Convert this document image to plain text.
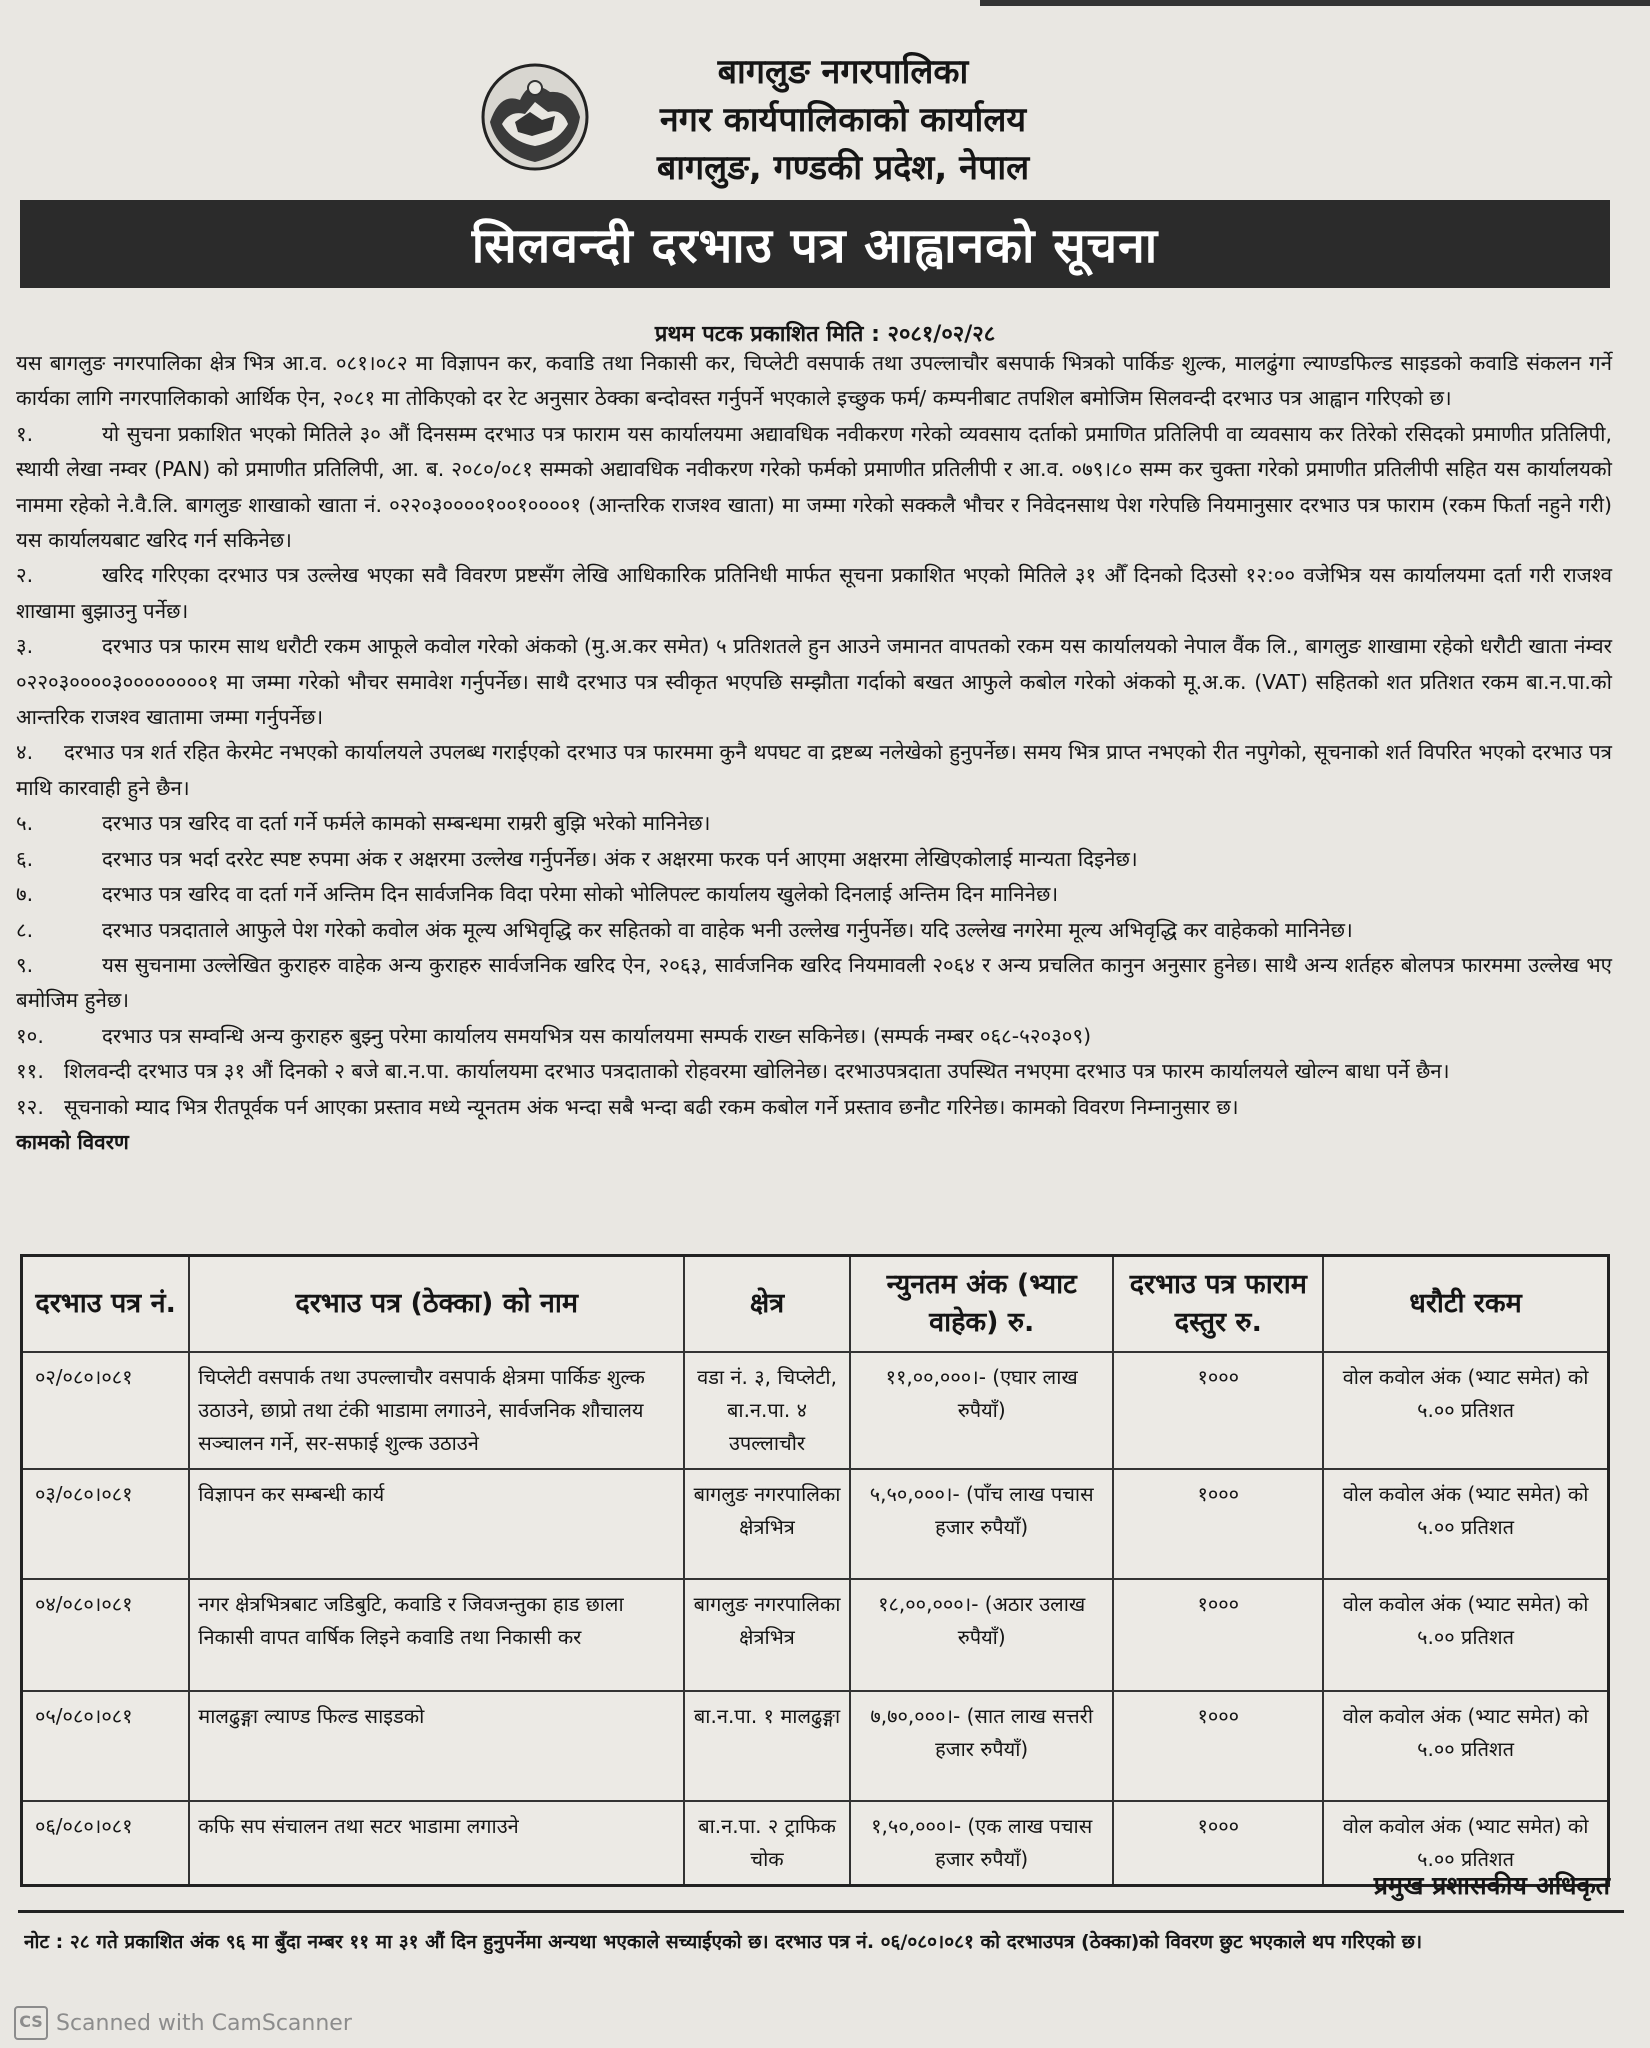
बागलुङ नगरपालिका
नगर कार्यपालिकाको कार्यालय
बागलुङ, गण्डकी प्रदेश, नेपाल
सिलवन्दी दरभाउ पत्र आह्वानको सूचना
प्रथम पटक प्रकाशित मिति : २०८१/०२/२८

यस बागलुङ नगरपालिका क्षेत्र भित्र आ.व. ०८१।०८२ मा विज्ञापन कर, कवाडि तथा निकासी कर, चिप्लेटी वसपार्क तथा उपल्लाचौर बसपार्क भित्रको पार्किङ शुल्क, मालढुंगा ल्याण्डफिल्ड साइडको कवाडि संकलन गर्ने कार्यका लागि नगरपालिकाको आर्थिक ऐन, २०८१ मा तोकिएको दर रेट अनुसार ठेक्का बन्दोवस्त गर्नुपर्ने भएकाले इच्छुक फर्म/ कम्पनीबाट तपशिल बमोजिम सिलवन्दी दरभाउ पत्र आह्वान गरिएको छ।

१.	यो सुचना प्रकाशित भएको मितिले ३० औं दिनसम्म दरभाउ पत्र फाराम यस कार्यालयमा अद्यावधिक नवीकरण गरेको व्यवसाय दर्ताको प्रमाणित प्रतिलिपी वा व्यवसाय कर तिरेको रसिदको प्रमाणीत प्रतिलिपी, स्थायी लेखा नम्वर (PAN) को प्रमाणीत प्रतिलिपी, आ. ब. २०८०/०८१ सम्मको अद्यावधिक नवीकरण गरेको फर्मको प्रमाणीत प्रतिलीपी र आ.व. ०७९।८० सम्म कर चुक्ता गरेको प्रमाणीत प्रतिलीपी सहित यस कार्यालयको नाममा रहेको ने.वै.लि. बागलुङ शाखाको खाता नं. ०२२०३००००१००१००००१ (आन्तरिक राजश्व खाता) मा जम्मा गरेको सक्कलै भौचर र निवेदनसाथ पेश गरेपछि नियमानुसार दरभाउ पत्र फाराम (रकम फिर्ता नहुने गरी) यस कार्यालयबाट खरिद गर्न सकिनेछ।

२.	खरिद गरिएका दरभाउ पत्र उल्लेख भएका सवै विवरण प्रष्टसँग लेखि आधिकारिक प्रतिनिधी मार्फत सूचना प्रकाशित भएको मितिले ३१ औँ दिनको दिउसो १२:०० वजेभित्र यस कार्यालयमा दर्ता गरी राजश्व शाखामा बुझाउनु पर्नेछ।

३.	दरभाउ पत्र फारम साथ धरौटी रकम आफूले कवोल गरेको अंकको (मु.अ.कर समेत) ५ प्रतिशतले हुन आउने जमानत वापतको रकम यस कार्यालयको नेपाल वैंक लि., बागलुङ शाखामा रहेको धरौटी खाता नंम्वर ०२२०३००००३००००००००१ मा जम्मा गरेको भौचर समावेश गर्नुपर्नेछ। साथै दरभाउ पत्र स्वीकृत भएपछि सम्झौता गर्दाको बखत आफुले कबोल गरेको अंकको मू.अ.क. (VAT) सहितको शत प्रतिशत रकम बा.न.पा.को आन्तरिक राजश्व खातामा जम्मा गर्नुपर्नेछ।

४. दरभाउ पत्र शर्त रहित केरमेट नभएको कार्यालयले उपलब्ध गराईएको दरभाउ पत्र फारममा कुनै थपघट वा द्रष्टब्य नलेखेको हुनुपर्नेछ। समय भित्र प्राप्त नभएको रीत नपुगेको, सूचनाको शर्त विपरित भएको दरभाउ पत्र माथि कारवाही हुने छैन।

५.	दरभाउ पत्र खरिद वा दर्ता गर्ने फर्मले कामको सम्बन्धमा राम्ररी बुझि भरेको मानिनेछ।

६.	दरभाउ पत्र भर्दा दररेट स्पष्ट रुपमा अंक र अक्षरमा उल्लेख गर्नुपर्नेछ। अंक र अक्षरमा फरक पर्न आएमा अक्षरमा लेखिएकोलाई मान्यता दिइनेछ।

७.	दरभाउ पत्र खरिद वा दर्ता गर्ने अन्तिम दिन सार्वजनिक विदा परेमा सोको भोलिपल्ट कार्यालय खुलेको दिनलाई अन्तिम दिन मानिनेछ।

८.	दरभाउ पत्रदाताले आफुले पेश गरेको कवोल अंक मूल्य अभिवृद्धि कर सहितको वा वाहेक भनी उल्लेख गर्नुपर्नेछ। यदि उल्लेख नगरेमा मूल्य अभिवृद्धि कर वाहेकको मानिनेछ।

९.	यस सुचनामा उल्लेखित कुराहरु वाहेक अन्य कुराहरु सार्वजनिक खरिद ऐन, २०६३, सार्वजनिक खरिद नियमावली २०६४ र अन्य प्रचलित कानुन अनुसार हुनेछ। साथै अन्य शर्तहरु बोलपत्र फारममा उल्लेख भए बमोजिम हुनेछ।

१०.	दरभाउ पत्र सम्वन्धि अन्य कुराहरु बुझ्नु परेमा कार्यालय समयभित्र यस कार्यालयमा सम्पर्क राख्न सकिनेछ। (सम्पर्क नम्बर ०६८-५२०३०९)

११. शिलवन्दी दरभाउ पत्र ३१ औं दिनको २ बजे बा.न.पा. कार्यालयमा दरभाउ पत्रदाताको रोहवरमा खोलिनेछ। दरभाउपत्रदाता उपस्थित नभएमा दरभाउ पत्र फारम कार्यालयले खोल्न बाधा पर्ने छैन।

१२. सूचनाको म्याद भित्र रीतपूर्वक पर्न आएका प्रस्ताव मध्ये न्यूनतम अंक भन्दा सबै भन्दा बढी रकम कबोल गर्ने प्रस्ताव छनौट गरिनेछ। कामको विवरण निम्नानुसार छ।

कामको विवरण

दरभाउ पत्र नं.	दरभाउ पत्र (ठेक्का) को नाम	क्षेत्र	न्युनतम अंक (भ्याट वाहेक) रु.	दरभाउ पत्र फाराम दस्तुर रु.	धरौटी रकम
०२/०८०।०८१	चिप्लेटी वसपार्क तथा उपल्लाचौर वसपार्क क्षेत्रमा पार्किङ शुल्क उठाउने, छाप्रो तथा टंकी भाडामा लगाउने, सार्वजनिक शौचालय सञ्चालन गर्ने, सर-सफाई शुल्क उठाउने	वडा नं. ३, चिप्लेटी, बा.न.पा. ४ उपल्लाचौर	११,००,०००।- (एघार लाख रुपैयाँ)	१०००	वोल कवोल अंक (भ्याट समेत) को ५.०० प्रतिशत
०३/०८०।०८१	विज्ञापन कर सम्बन्धी कार्य	बागलुङ नगरपालिका क्षेत्रभित्र	५,५०,०००।- (पाँच लाख पचास हजार रुपैयाँ)	१०००	वोल कवोल अंक (भ्याट समेत) को ५.०० प्रतिशत
०४/०८०।०८१	नगर क्षेत्रभित्रबाट जडिबुटि, कवाडि र जिवजन्तुका हाड छाला निकासी वापत वार्षिक लिइने कवाडि तथा निकासी कर	बागलुङ नगरपालिका क्षेत्रभित्र	१८,००,०००।- (अठार उलाख रुपैयाँ)	१०००	वोल कवोल अंक (भ्याट समेत) को ५.०० प्रतिशत
०५/०८०।०८१	मालढुङ्गा ल्याण्ड फिल्ड साइडको	बा.न.पा. १ मालढुङ्गा	७,७०,०००।- (सात लाख सत्तरी हजार रुपैयाँ)	१०००	वोल कवोल अंक (भ्याट समेत) को ५.०० प्रतिशत
०६/०८०।०८१	कफि सप संचालन तथा सटर भाडामा लगाउने	बा.न.पा. २ ट्राफिक चोक	१,५०,०००।- (एक लाख पचास हजार रुपैयाँ)	१०००	वोल कवोल अंक (भ्याट समेत) को ५.०० प्रतिशत
प्रमुख प्रशासकीय अधिकृत
नोट : २८ गते प्रकाशित अंक ९६ मा बुँदा नम्बर ११ मा ३१ औं दिन हुनुपर्नेमा अन्यथा भएकाले सच्याईएको छ। दरभाउ पत्र नं. ०६/०८०।०८१ को दरभाउपत्र (ठेक्का)को विवरण छुट भएकाले थप गरिएको छ।
CS Scanned with CamScanner
